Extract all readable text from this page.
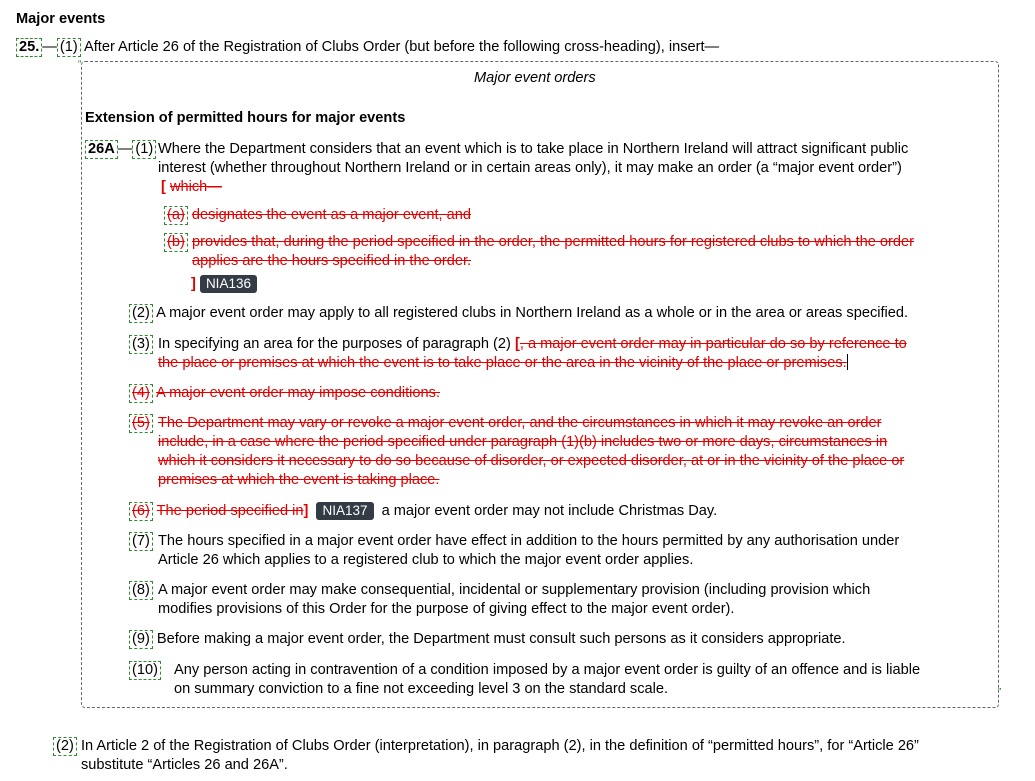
Major events
25. — (1) After Article 26 of the Registration of Clubs Order (but before the following cross-heading), insert—
“
”
Major event orders
Extension of permitted hours for major events
26A — (1) Where the Department considers that an event which is to take place in Northern Ireland will attract significant public
interest (whether throughout Northern Ireland or in certain areas only), it may make an order (a “major event order”)
[ which—
(a) designates the event as a major event, and
(b) provides that, during the period specified in the order, the permitted hours for registered clubs to which the order
applies are the hours specified in the order.
] NIA136
(2) A major event order may apply to all registered clubs in Northern Ireland as a whole or in the area or areas specified.
(3) In specifying an area for the purposes of paragraph (2) [, a major event order may in particular do so by reference to
the place or premises at which the event is to take place or the area in the vicinity of the place or premises.
(4) A major event order may impose conditions.
(5) The Department may vary or revoke a major event order, and the circumstances in which it may revoke an order
include, in a case where the period specified under paragraph (1)(b) includes two or more days, circumstances in
which it considers it necessary to do so because of disorder, or expected disorder, at or in the vicinity of the place or
premises at which the event is taking place.
(6) The period specified in] NIA137 a major event order may not include Christmas Day.
(7) The hours specified in a major event order have effect in addition to the hours permitted by any authorisation under
Article 26 which applies to a registered club to which the major event order applies.
(8) A major event order may make consequential, incidental or supplementary provision (including provision which
modifies provisions of this Order for the purpose of giving effect to the major event order).
(9) Before making a major event order, the Department must consult such persons as it considers appropriate.
(10) Any person acting in contravention of a condition imposed by a major event order is guilty of an offence and is liable
on summary conviction to a fine not exceeding level 3 on the standard scale.
(2) In Article 2 of the Registration of Clubs Order (interpretation), in paragraph (2), in the definition of “permitted hours”, for “Article 26”
substitute “Articles 26 and 26A”.
